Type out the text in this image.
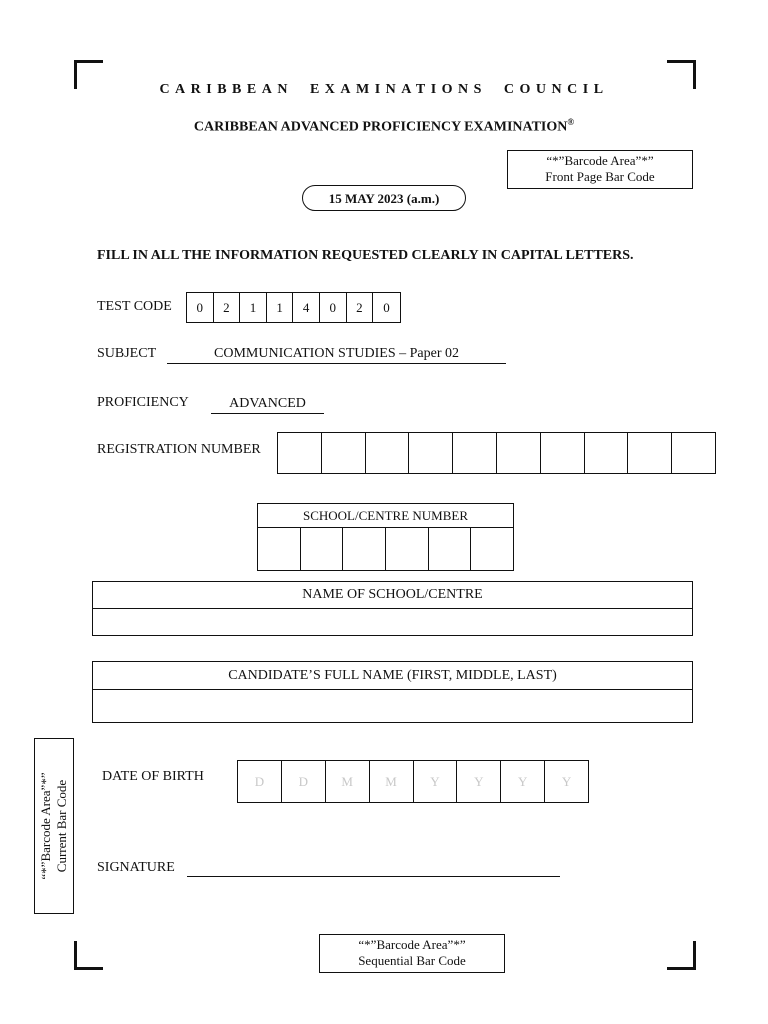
CARIBBEAN EXAMINATIONS COUNCIL
CARIBBEAN ADVANCED PROFICIENCY EXAMINATION®
“*”Barcode Area”*”
Front Page Bar Code
15 MAY 2023 (a.m.)
FILL IN ALL THE INFORMATION REQUESTED CLEARLY IN CAPITAL LETTERS.
TEST CODE	0	2	1	1	4	0	2	0
SUBJECT	COMMUNICATION STUDIES – Paper 02
PROFICIENCY	ADVANCED
REGISTRATION NUMBER
SCHOOL/CENTRE NUMBER
NAME OF SCHOOL/CENTRE
CANDIDATE’S FULL NAME (FIRST, MIDDLE, LAST)
“*”Barcode Area”*” Current Bar Code
DATE OF BIRTH	D	D	M	M	Y	Y	Y	Y
SIGNATURE
“*”Barcode Area”*”
Sequential Bar Code
